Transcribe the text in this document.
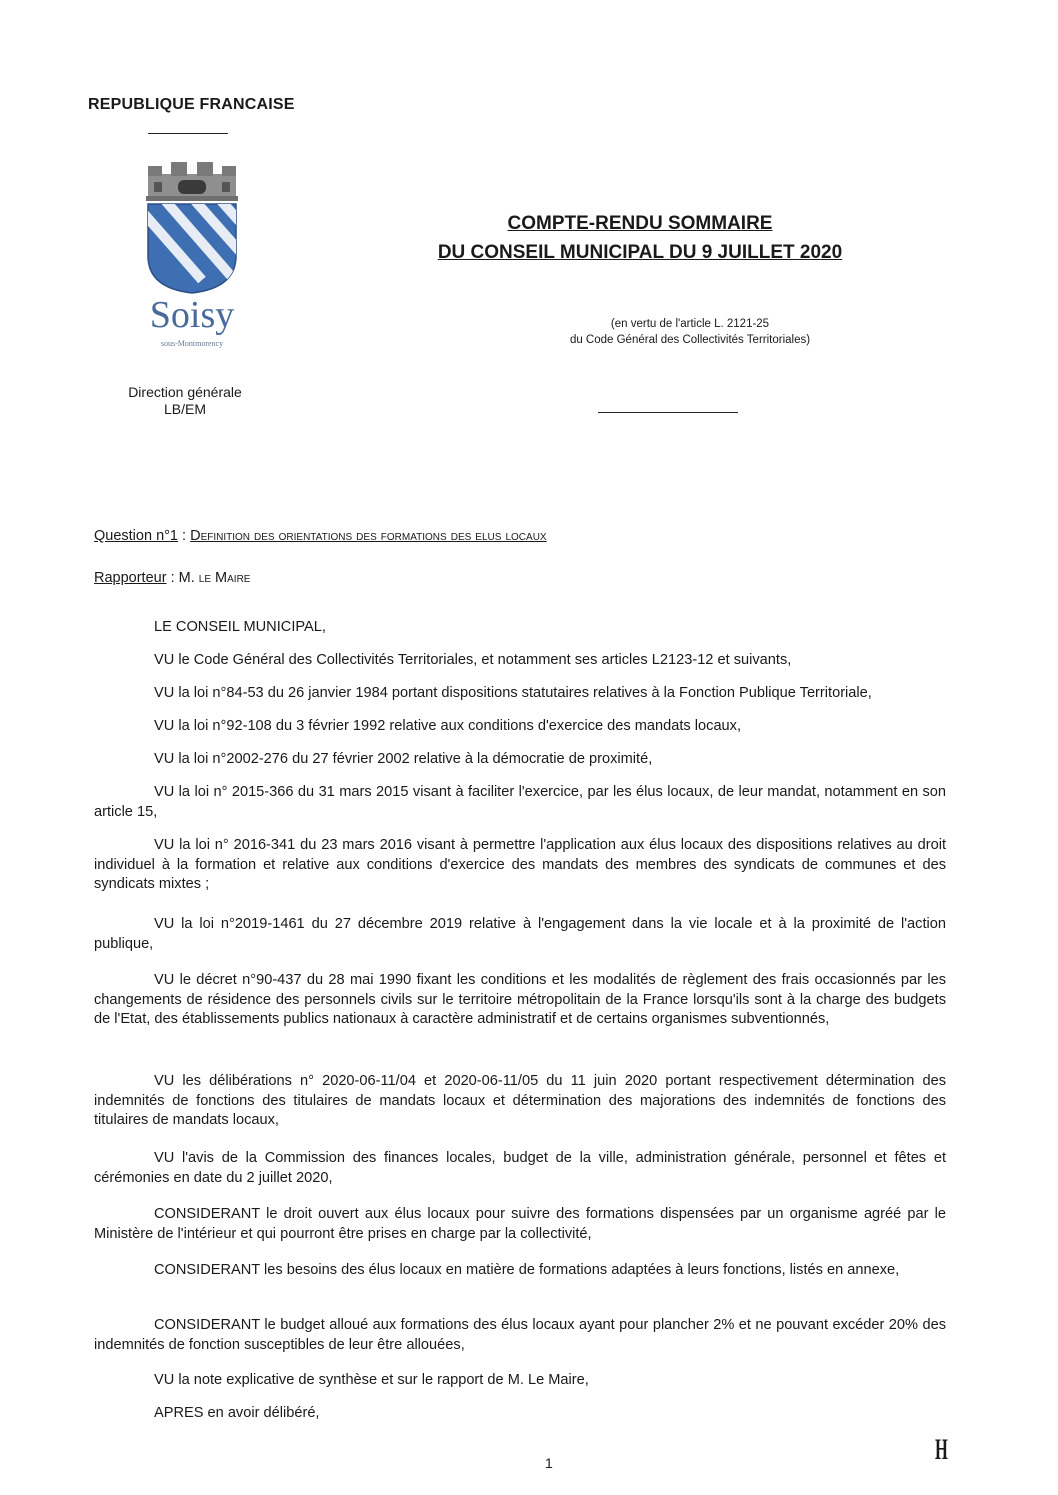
REPUBLIQUE FRANCAISE
Soisy
sous-Montmorency
Direction générale
LB/EM
COMPTE-RENDU SOMMAIRE
DU CONSEIL MUNICIPAL DU 9 JUILLET 2020
(en vertu de l'article L. 2121-25
du Code Général des Collectivités Territoriales)
Question n°1 : Definition des orientations des formations des elus locaux
Rapporteur : M. le Maire
LE CONSEIL MUNICIPAL,
VU le Code Général des Collectivités Territoriales, et notamment ses articles L2123-12 et suivants,
VU la loi n°84-53 du 26 janvier 1984 portant dispositions statutaires relatives à la Fonction Publique Territoriale,
VU la loi n°92-108 du 3 février 1992 relative aux conditions d'exercice des mandats locaux,
VU la loi n°2002-276 du 27 février 2002 relative à la démocratie de proximité,
VU la loi n° 2015-366 du 31 mars 2015 visant à faciliter l'exercice, par les élus locaux, de leur mandat, notamment en son article 15,
VU la loi n° 2016-341 du 23 mars 2016 visant à permettre l'application aux élus locaux des dispositions relatives au droit individuel à la formation et relative aux conditions d'exercice des mandats des membres des syndicats de communes et des syndicats mixtes ;
VU la loi n°2019-1461 du 27 décembre 2019 relative à l'engagement dans la vie locale et à la proximité de l'action publique,
VU le décret n°90-437 du 28 mai 1990 fixant les conditions et les modalités de règlement des frais occasionnés par les changements de résidence des personnels civils sur le territoire métropolitain de la France lorsqu'ils sont à la charge des budgets de l'Etat, des établissements publics nationaux à caractère administratif et de certains organismes subventionnés,
VU les délibérations n° 2020-06-11/04 et 2020-06-11/05 du 11 juin 2020 portant respectivement détermination des indemnités de fonctions des titulaires de mandats locaux et détermination des majorations des indemnités de fonctions des titulaires de mandats locaux,
VU l'avis de la Commission des finances locales, budget de la ville, administration générale, personnel et fêtes et cérémonies en date du 2 juillet 2020,
CONSIDERANT le droit ouvert aux élus locaux pour suivre des formations dispensées par un organisme agréé par le Ministère de l'intérieur et qui pourront être prises en charge par la collectivité,
CONSIDERANT les besoins des élus locaux en matière de formations adaptées à leurs fonctions, listés en annexe,
CONSIDERANT le budget alloué aux formations des élus locaux ayant pour plancher 2% et ne pouvant excéder 20% des indemnités de fonction susceptibles de leur être allouées,
VU la note explicative de synthèse et sur le rapport de M. Le Maire,
APRES en avoir délibéré,
1	H
